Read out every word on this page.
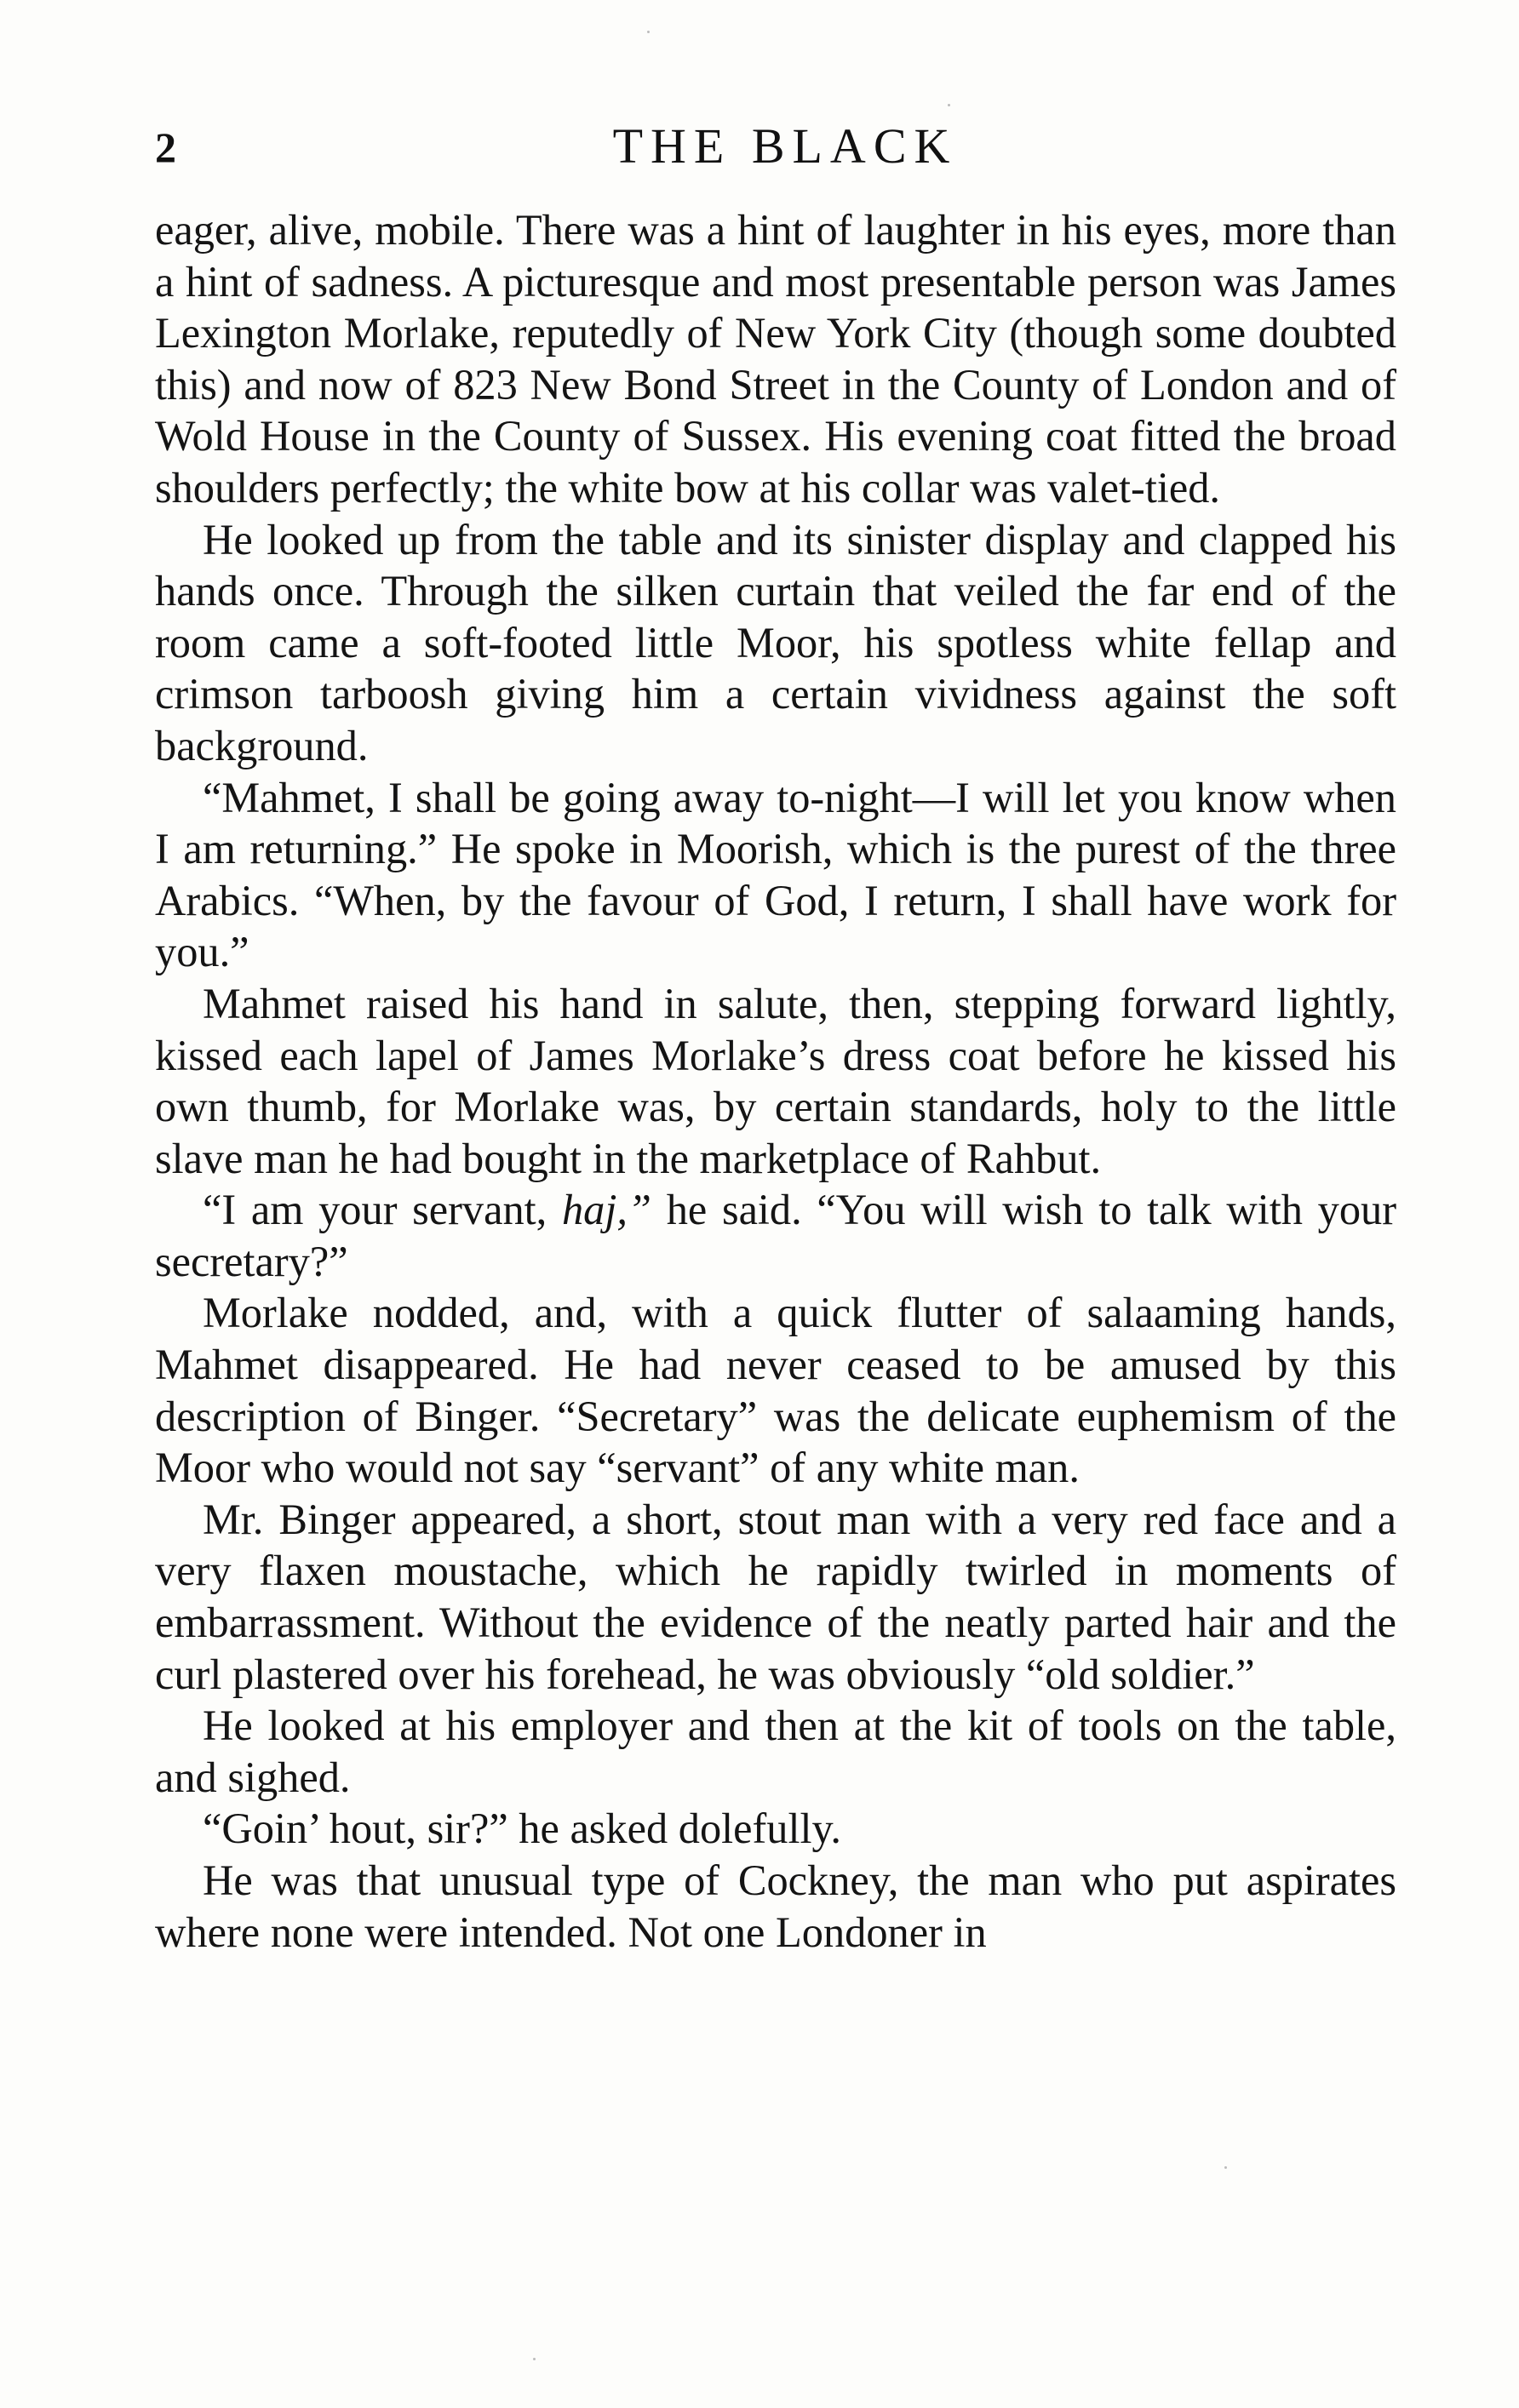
2	THE BLACK

eager, alive, mobile. There was a hint of laughter in his eyes, more than a hint of sadness. A picturesque and most presentable person was James Lexington Morlake, reputedly of New York City (though some doubted this) and now of 823 New Bond Street in the County of London and of Wold House in the County of Sussex. His evening coat fitted the broad shoulders perfectly; the white bow at his collar was valet-tied.

He looked up from the table and its sinister display and clapped his hands once. Through the silken curtain that veiled the far end of the room came a soft-footed little Moor, his spotless white fellap and crimson tarboosh giving him a certain vividness against the soft background.

“Mahmet, I shall be going away to-night—I will let you know when I am returning.” He spoke in Moorish, which is the purest of the three Arabics. “When, by the favour of God, I return, I shall have work for you.”

Mahmet raised his hand in salute, then, stepping forward lightly, kissed each lapel of James Morlake’s dress coat before he kissed his own thumb, for Morlake was, by certain standards, holy to the little slave man he had bought in the marketplace of Rahbut.

“I am your servant, haj,” he said. “You will wish to talk with your secretary?”

Morlake nodded, and, with a quick flutter of salaaming hands, Mahmet disappeared. He had never ceased to be amused by this description of Binger. “Secretary” was the delicate euphemism of the Moor who would not say “servant” of any white man.

Mr. Binger appeared, a short, stout man with a very red face and a very flaxen moustache, which he rapidly twirled in moments of embarrassment. Without the evidence of the neatly parted hair and the curl plastered over his forehead, he was obviously “old soldier.”

He looked at his employer and then at the kit of tools on the table, and sighed.

“Goin’ hout, sir?” he asked dolefully.

He was that unusual type of Cockney, the man who put aspirates where none were intended. Not one Londoner in
